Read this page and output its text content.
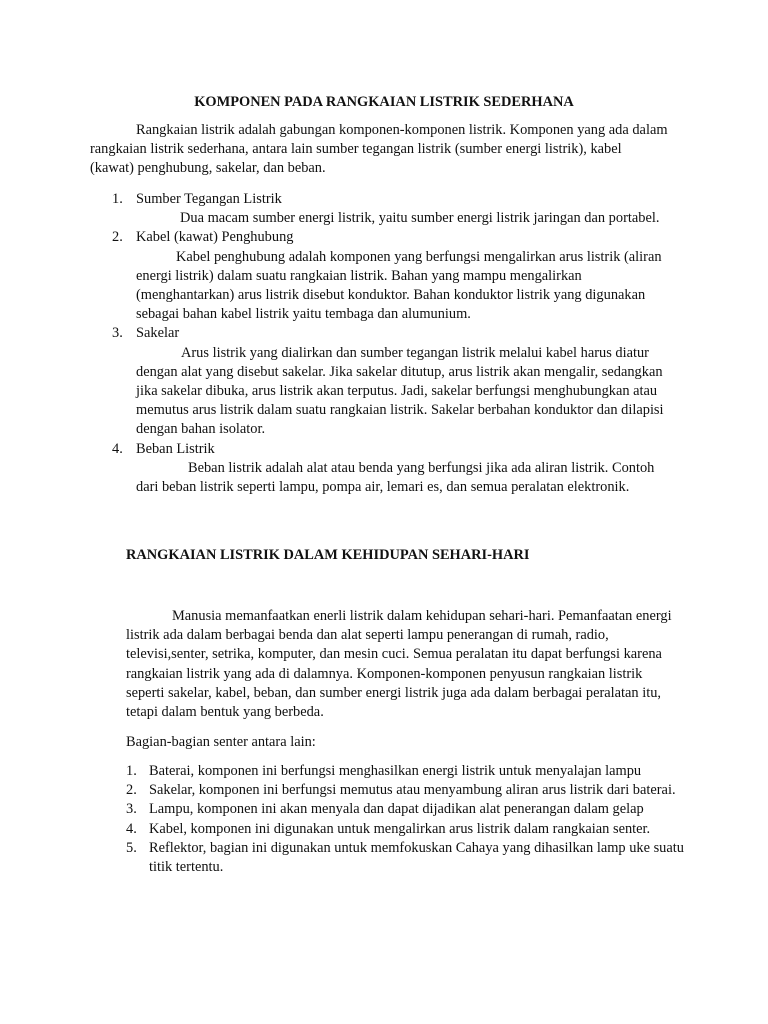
KOMPONEN PADA RANGKAIAN LISTRIK SEDERHANA

Rangkaian listrik adalah gabungan komponen-komponen listrik. Komponen yang ada dalam rangkaian listrik sederhana, antara lain sumber tegangan listrik (sumber energi listrik), kabel (kawat) penghubung, sakelar, dan beban.

1. Sumber Tegangan Listrik

Dua macam sumber energi listrik, yaitu sumber energi listrik jaringan dan portabel.

2. Kabel (kawat) Penghubung

Kabel penghubung adalah komponen yang berfungsi mengalirkan arus listrik (aliran energi listrik) dalam suatu rangkaian listrik. Bahan yang mampu mengalirkan (menghantarkan) arus listrik disebut konduktor. Bahan konduktor listrik yang digunakan sebagai bahan kabel listrik yaitu tembaga dan alumunium.

3. Sakelar

Arus listrik yang dialirkan dan sumber tegangan listrik melalui kabel harus diatur dengan alat yang disebut sakelar. Jika sakelar ditutup, arus listrik akan mengalir, sedangkan jika sakelar dibuka, arus listrik akan terputus. Jadi, sakelar berfungsi menghubungkan atau memutus arus listrik dalam suatu rangkaian listrik. Sakelar berbahan konduktor dan dilapisi dengan bahan isolator.

4. Beban Listrik

Beban listrik adalah alat atau benda yang berfungsi jika ada aliran listrik. Contoh dari beban listrik seperti lampu, pompa air, lemari es, dan semua peralatan elektronik.

RANGKAIAN LISTRIK DALAM KEHIDUPAN SEHARI-HARI

Manusia memanfaatkan enerli listrik dalam kehidupan sehari-hari. Pemanfaatan energi listrik ada dalam berbagai benda dan alat seperti lampu penerangan di rumah, radio, televisi,senter, setrika, komputer, dan mesin cuci. Semua peralatan itu dapat berfungsi karena rangkaian listrik yang ada di dalamnya. Komponen-komponen penyusun rangkaian listrik seperti sakelar, kabel, beban, dan sumber energi listrik juga ada dalam berbagai peralatan itu, tetapi dalam bentuk yang berbeda.

Bagian-bagian senter antara lain:

1. Baterai, komponen ini berfungsi menghasilkan energi listrik untuk menyalajan lampu
2. Sakelar, komponen ini berfungsi memutus atau menyambung aliran arus listrik dari baterai.
3. Lampu, komponen ini akan menyala dan dapat dijadikan alat penerangan dalam gelap
4. Kabel, komponen ini digunakan untuk mengalirkan arus listrik dalam rangkaian senter.
5. Reflektor, bagian ini digunakan untuk memfokuskan Cahaya yang dihasilkan lamp uke suatu titik tertentu.
